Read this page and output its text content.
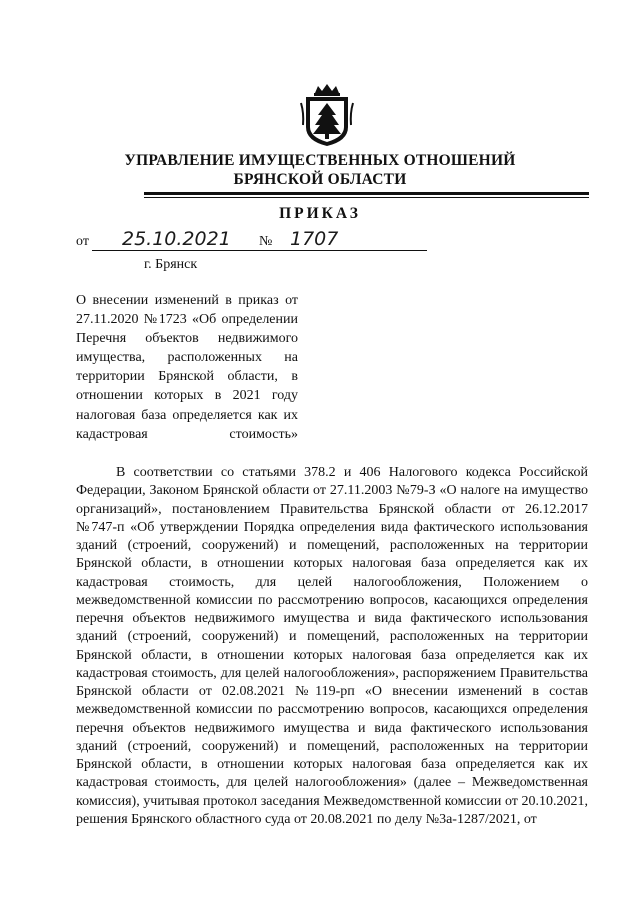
УПРАВЛЕНИЕ ИМУЩЕСТВЕННЫХ ОТНОШЕНИЙ
БРЯНСКОЙ ОБЛАСТИ
ПРИКАЗ
от 25.10.2021 № 1707
г. Брянск
О внесении изменений в приказ от 27.11.2020 №1723 «Об определении Перечня объектов недвижимого имущества, расположенных на территории Брянской области, в отношении которых в 2021 году налоговая база определяется как их кадастровая стоимость»
В соответствии со статьями 378.2 и 406 Налогового кодекса Российской Федерации, Законом Брянской области от 27.11.2003 №79-З «О налоге на имущество организаций», постановлением Правительства Брянской области от 26.12.2017 №747-п «Об утверждении Порядка определения вида фактического использования зданий (строений, сооружений) и помещений, расположенных на территории Брянской области, в отношении которых налоговая база определяется как их кадастровая стоимость, для целей налогообложения, Положением о межведомственной комиссии по рассмотрению вопросов, касающихся определения перечня объектов недвижимого имущества и вида фактического использования зданий (строений, сооружений) и помещений, расположенных на территории Брянской области, в отношении которых налоговая база определяется как их кадастровая стоимость, для целей налогообложения», распоряжением Правительства Брянской области от 02.08.2021 №119-рп «О внесении изменений в состав межведомственной комиссии по рассмотрению вопросов, касающихся определения перечня объектов недвижимого имущества и вида фактического использования зданий (строений, сооружений) и помещений, расположенных на территории Брянской области, в отношении которых налоговая база определяется как их кадастровая стоимость, для целей налогообложения» (далее – Межведомственная комиссия), учитывая протокол заседания Межведомственной комиссии от 20.10.2021, решения Брянского областного суда от 20.08.2021 по делу №3а-1287/2021, от
